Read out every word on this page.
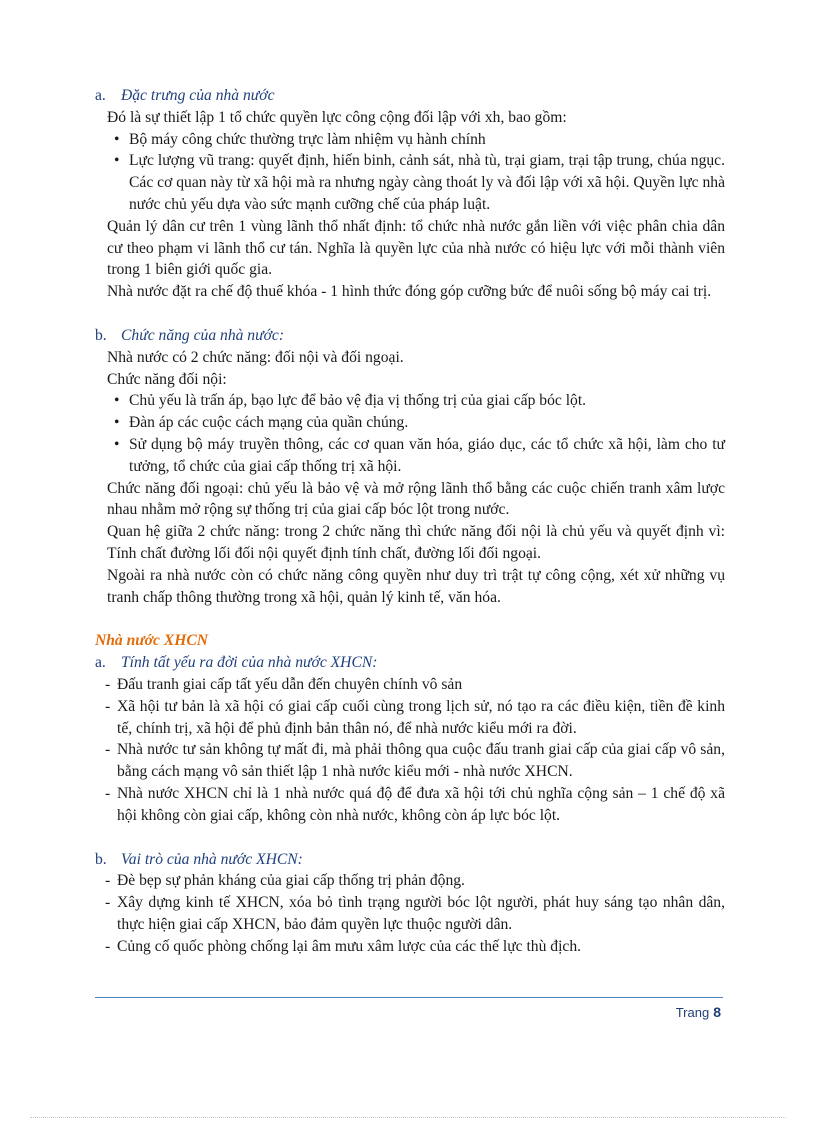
a. Đặc trưng của nhà nước

Đó là sự thiết lập 1 tổ chức quyền lực công cộng đối lập với xh, bao gồm:

• Bộ máy công chức thường trực làm nhiệm vụ hành chính
• Lực lượng vũ trang: quyết định, hiến binh, cảnh sát, nhà tù, trại giam, trại tập trung, chúa ngục. Các cơ quan này từ xã hội mà ra nhưng ngày càng thoát ly và đối lập với xã hội. Quyền lực nhà nước chủ yếu dựa vào sức mạnh cưỡng chế của pháp luật.

Quản lý dân cư trên 1 vùng lãnh thổ nhất định: tổ chức nhà nước gắn liền với việc phân chia dân cư theo phạm vi lãnh thổ cư tán. Nghĩa là quyền lực của nhà nước có hiệu lực với mỗi thành viên trong 1 biên giới quốc gia.

Nhà nước đặt ra chế độ thuế khóa - 1 hình thức đóng góp cưỡng bức để nuôi sống bộ máy cai trị.

b. Chức năng của nhà nước:

Nhà nước có 2 chức năng: đối nội và đối ngoại.

Chức năng đối nội:

• Chủ yếu là trấn áp, bạo lực để bảo vệ địa vị thống trị của giai cấp bóc lột.
• Đàn áp các cuộc cách mạng của quần chúng.
• Sử dụng bộ máy truyền thông, các cơ quan văn hóa, giáo dục, các tổ chức xã hội, làm cho tư tưởng, tổ chức của giai cấp thống trị xã hội.

Chức năng đối ngoại: chủ yếu là bảo vệ và mở rộng lãnh thổ bằng các cuộc chiến tranh xâm lược nhau nhằm mở rộng sự thống trị của giai cấp bóc lột trong nước.

Quan hệ giữa 2 chức năng: trong 2 chức năng thì chức năng đối nội là chủ yếu và quyết định vì: Tính chất đường lối đối nội quyết định tính chất, đường lối đối ngoại.

Ngoài ra nhà nước còn có chức năng công quyền như duy trì trật tự công cộng, xét xử những vụ tranh chấp thông thường trong xã hội, quản lý kinh tế, văn hóa.

Nhà nước XHCN

a. Tính tất yếu ra đời của nhà nước XHCN:

- Đấu tranh giai cấp tất yếu dẫn đến chuyên chính vô sản
- Xã hội tư bản là xã hội có giai cấp cuối cùng trong lịch sử, nó tạo ra các điều kiện, tiền đề kinh tế, chính trị, xã hội để phủ định bản thân nó, để nhà nước kiểu mới ra đời.
- Nhà nước tư sản không tự mất đi, mà phải thông qua cuộc đấu tranh giai cấp của giai cấp vô sản, bằng cách mạng vô sản thiết lập 1 nhà nước kiểu mới - nhà nước XHCN.
- Nhà nước XHCN chỉ là 1 nhà nước quá độ để đưa xã hội tới chủ nghĩa cộng sản – 1 chế độ xã hội không còn giai cấp, không còn nhà nước, không còn áp lực bóc lột.

b. Vai trò của nhà nước XHCN:

- Đè bẹp sự phản kháng của giai cấp thống trị phản động.
- Xây dựng kinh tế XHCN, xóa bỏ tình trạng người bóc lột người, phát huy sáng tạo nhân dân, thực hiện giai cấp XHCN, bảo đảm quyền lực thuộc người dân.
- Củng cố quốc phòng chống lại âm mưu xâm lược của các thế lực thù địch.
Trang 8
